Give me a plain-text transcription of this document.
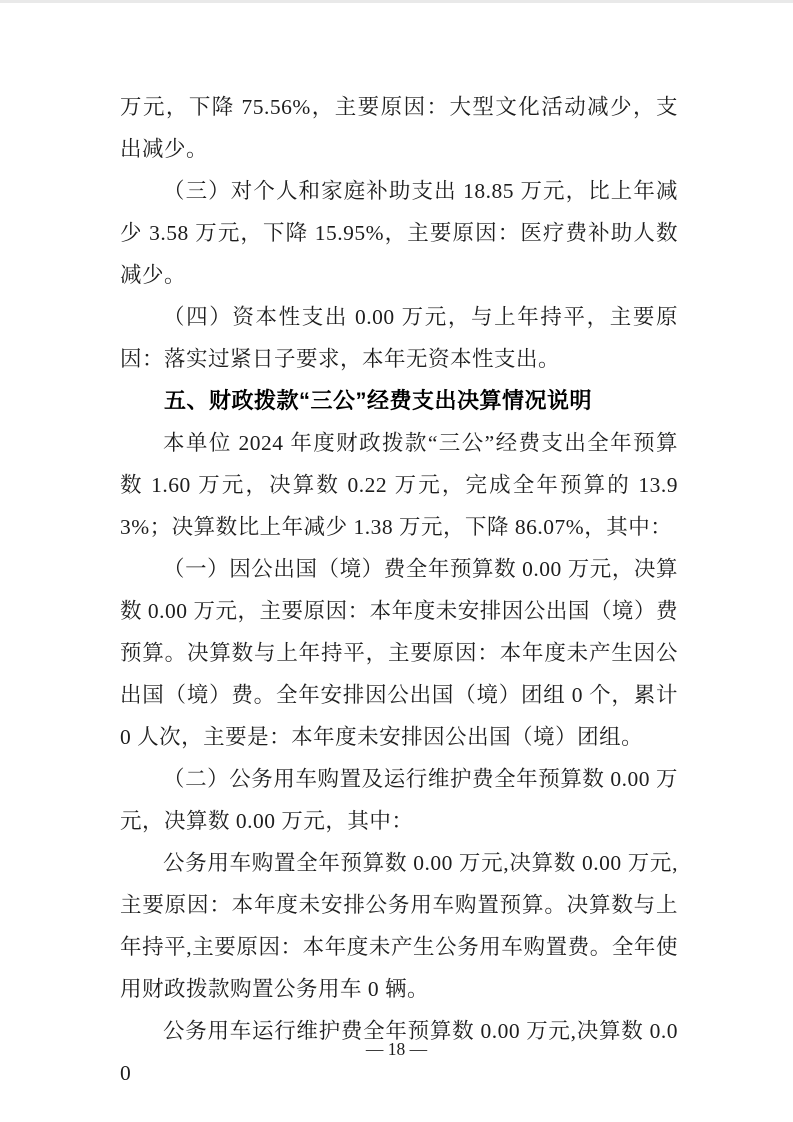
万元，下降 75.56%，主要原因：大型文化活动减少，支出减少。

（三）对个人和家庭补助支出 18.85 万元，比上年减少 3.58 万元，下降 15.95%，主要原因：医疗费补助人数减少。

（四）资本性支出 0.00 万元，与上年持平，主要原因：落实过紧日子要求，本年无资本性支出。

五、财政拨款“三公”经费支出决算情况说明

本单位 2024 年度财政拨款“三公”经费支出全年预算数 1.60 万元，决算数 0.22 万元，完成全年预算的 13.93%；决算数比上年减少 1.38 万元，下降 86.07%，其中：

（一）因公出国（境）费全年预算数 0.00 万元，决算数 0.00 万元，主要原因：本年度未安排因公出国（境）费预算。决算数与上年持平，主要原因：本年度未产生因公出国（境）费。全年安排因公出国（境）团组 0 个，累计 0 人次，主要是：本年度未安排因公出国（境）团组。

（二）公务用车购置及运行维护费全年预算数 0.00 万元，决算数 0.00 万元，其中：

公务用车购置全年预算数 0.00 万元,决算数 0.00 万元,主要原因：本年度未安排公务用车购置预算。决算数与上年持平,主要原因：本年度未产生公务用车购置费。全年使用财政拨款购置公务用车 0 辆。

公务用车运行维护费全年预算数 0.00 万元,决算数 0.00

— 18 —
